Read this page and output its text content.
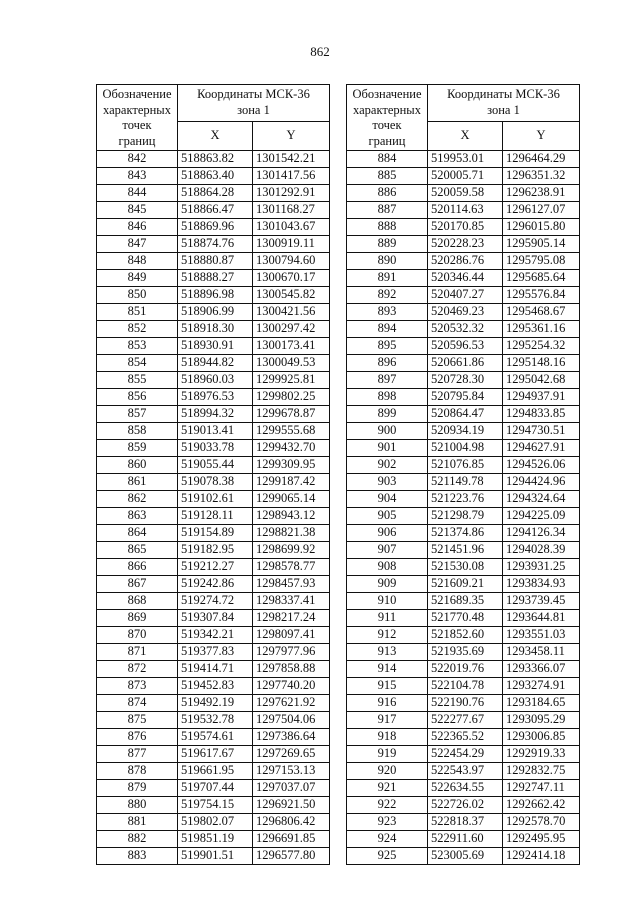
862
Обозначение
характерных
точек
границ	Координаты МСК-36
зона 1	
	X	Y
842	518863.82	1301542.21
843	518863.40	1301417.56
844	518864.28	1301292.91
845	518866.47	1301168.27
846	518869.96	1301043.67
847	518874.76	1300919.11
848	518880.87	1300794.60
849	518888.27	1300670.17
850	518896.98	1300545.82
851	518906.99	1300421.56
852	518918.30	1300297.42
853	518930.91	1300173.41
854	518944.82	1300049.53
855	518960.03	1299925.81
856	518976.53	1299802.25
857	518994.32	1299678.87
858	519013.41	1299555.68
859	519033.78	1299432.70
860	519055.44	1299309.95
861	519078.38	1299187.42
862	519102.61	1299065.14
863	519128.11	1298943.12
864	519154.89	1298821.38
865	519182.95	1298699.92
866	519212.27	1298578.77
867	519242.86	1298457.93
868	519274.72	1298337.41
869	519307.84	1298217.24
870	519342.21	1298097.41
871	519377.83	1297977.96
872	519414.71	1297858.88
873	519452.83	1297740.20
874	519492.19	1297621.92
875	519532.78	1297504.06
876	519574.61	1297386.64
877	519617.67	1297269.65
878	519661.95	1297153.13
879	519707.44	1297037.07
880	519754.15	1296921.50
881	519802.07	1296806.42
882	519851.19	1296691.85
883	519901.51	1296577.80
Обозначение
характерных
точек
границ	Координаты МСК-36
зона 1	
	X	Y
884	519953.01	1296464.29
885	520005.71	1296351.32
886	520059.58	1296238.91
887	520114.63	1296127.07
888	520170.85	1296015.80
889	520228.23	1295905.14
890	520286.76	1295795.08
891	520346.44	1295685.64
892	520407.27	1295576.84
893	520469.23	1295468.67
894	520532.32	1295361.16
895	520596.53	1295254.32
896	520661.86	1295148.16
897	520728.30	1295042.68
898	520795.84	1294937.91
899	520864.47	1294833.85
900	520934.19	1294730.51
901	521004.98	1294627.91
902	521076.85	1294526.06
903	521149.78	1294424.96
904	521223.76	1294324.64
905	521298.79	1294225.09
906	521374.86	1294126.34
907	521451.96	1294028.39
908	521530.08	1293931.25
909	521609.21	1293834.93
910	521689.35	1293739.45
911	521770.48	1293644.81
912	521852.60	1293551.03
913	521935.69	1293458.11
914	522019.76	1293366.07
915	522104.78	1293274.91
916	522190.76	1293184.65
917	522277.67	1293095.29
918	522365.52	1293006.85
919	522454.29	1292919.33
920	522543.97	1292832.75
921	522634.55	1292747.11
922	522726.02	1292662.42
923	522818.37	1292578.70
924	522911.60	1292495.95
925	523005.69	1292414.18
